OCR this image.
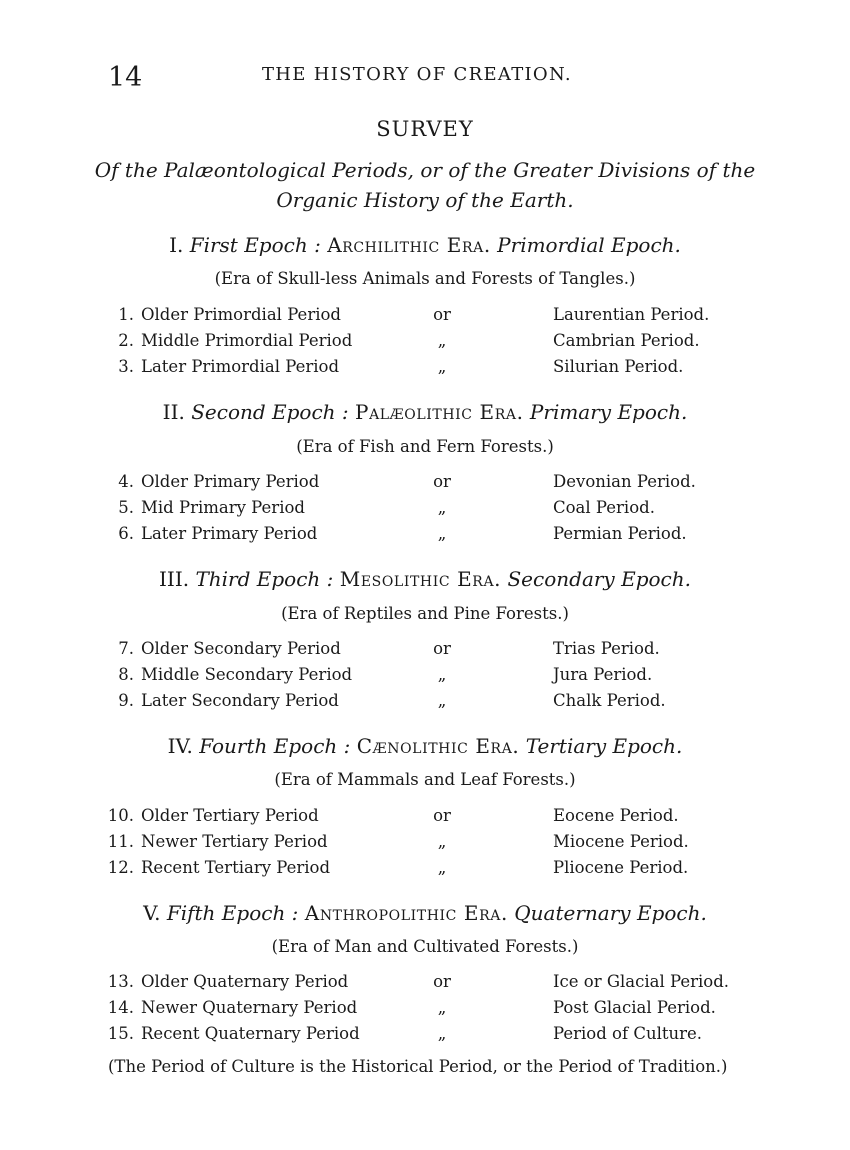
14	THE HISTORY OF CREATION.
SURVEY
Of the Palæontological Periods, or of the Greater Divisions of the
Organic History of the Earth.
I. First Epoch : Archilithic Era. Primordial Epoch.
(Era of Skull-less Animals and Forests of Tangles.)
1. Older Primordial Period	or	Laurentian Period.
2. Middle Primordial Period	„	Cambrian Period.
3. Later Primordial Period	„	Silurian Period.
II. Second Epoch : Palæolithic Era. Primary Epoch.
(Era of Fish and Fern Forests.)
4. Older Primary Period	or	Devonian Period.
5. Mid Primary Period	„	Coal Period.
6. Later Primary Period	„	Permian Period.
III. Third Epoch : Mesolithic Era. Secondary Epoch.
(Era of Reptiles and Pine Forests.)
7. Older Secondary Period	or	Trias Period.
8. Middle Secondary Period	„	Jura Period.
9. Later Secondary Period	„	Chalk Period.
IV. Fourth Epoch : Cænolithic Era. Tertiary Epoch.
(Era of Mammals and Leaf Forests.)
10. Older Tertiary Period	or	Eocene Period.
11. Newer Tertiary Period	„	Miocene Period.
12. Recent Tertiary Period	„	Pliocene Period.
V. Fifth Epoch : Anthropolithic Era. Quaternary Epoch.
(Era of Man and Cultivated Forests.)
13. Older Quaternary Period	or	Ice or Glacial Period.
14. Newer Quaternary Period	„	Post Glacial Period.
15. Recent Quaternary Period	„	Period of Culture.
(The Period of Culture is the Historical Period, or the Period of Tradition.)
